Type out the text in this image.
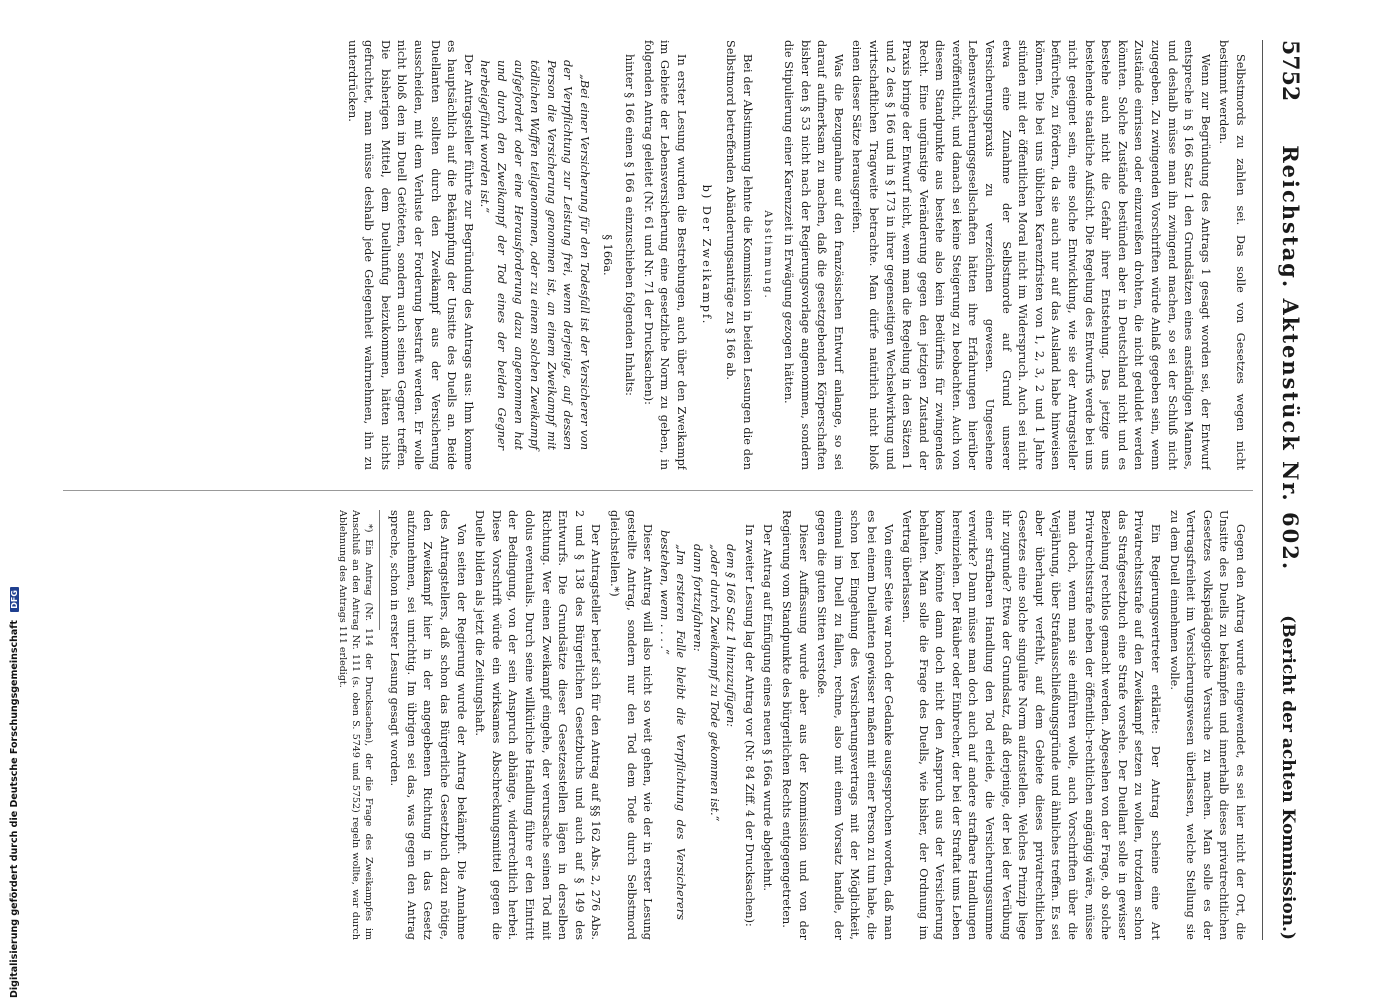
5752
Reichstag. Aktenstück Nr. 602.
(Bericht der achten Kommission.)

Selbstmords zu zahlen sei. Das solle von Gesetzes wegen nicht bestimmt werden.

Wenn zur Begründung des Antrags 1 gesagt worden sei, der Entwurf entspreche in § 166 Satz 1 den Grundsätzen eines anständigen Mannes, und deshalb müsse man ihn zwingend machen, so sei der Schluß nicht zugegeben. Zu zwingenden Vorschriften würde Anlaß gegeben sein, wenn Zustände einrissen oder einzureißen drohten, die nicht geduldet werden könnten. Solche Zustände bestünden aber in Deutschland nicht und es bestehe auch nicht die Gefahr ihrer Entstehung. Das jetzige uns bestehende staatliche Aufsicht. Die Regelung des Entwurfs werde bei uns nicht geeignet sein, eine solche Entwicklung, wie sie der Antragsteller befürchte, zu fördern, da sie auch nur auf das Ausland habe hinweisen können. Die bei uns üblichen Karenzfristen von 1, 2, 3, 2 und 1 Jahre stünden mit der öffentlichen Moral nicht im Widerspruch. Auch sei nicht etwa eine Zunahme der Selbstmorde auf Grund unserer Versicherungspraxis zu verzeichnen gewesen. Ungesehene Lebensversicherungsgesellschaften hätten ihre Erfahrungen hierüber veröffentlicht, und danach sei keine Steigerung zu beobachten. Auch von diesem Standpunkte aus bestehe also kein Bedürfnis für zwingendes Recht. Eine ungünstige Veränderung gegen den jetzigen Zustand der Praxis bringe der Entwurf nicht, wenn man die Regelung in den Sätzen 1 und 2 des § 166 und in § 173 in ihrer gegenseitigen Wechselwirkung und wirtschaftlichen Tragweite betrachte. Man dürfe natürlich nicht bloß einen dieser Sätze herausgreifen.

Was die Bezugnahme auf den französischen Entwurf anlange, so sei darauf aufmerksam zu machen, daß die gesetzgebenden Körperschaften bisher den § 53 nicht nach der Regierungsvorlage angenommen, sondern die Stipulierung einer Karenzzeit in Erwägung gezogen hätten.

Abstimmung.

Bei der Abstimmung lehnte die Kommission in beiden Lesungen die den Selbstmord betreffenden Abänderungsanträge zu § 166 ab.

b) Der Zweikampf.

In erster Lesung wurden die Bestrebungen, auch über den Zweikampf im Gebiete der Lebensversicherung eine gesetzliche Norm zu geben, in folgenden Antrag geleitet (Nr. 61 und Nr. 71 der Drucksachen):

hinter § 166 einen § 166 a einzuschieben folgenden Inhalts:

§ 166a.

„Bei einer Versicherung für den Todesfall ist der Versicherer von der Verpflichtung zur Leistung frei, wenn derjenige, auf dessen Person die Versicherung genommen ist, an einem Zweikampf mit tödlichen Waffen teilgenommen, oder zu einem solchen Zweikampf aufgefordert oder eine Herausforderung dazu angenommen hat und durch den Zweikampf der Tod eines der beiden Gegner herbeigeführt worden ist.“

Der Antragsteller führte zur Begründung des Antrags aus: Ihm komme es hauptsächlich auf die Bekämpfung der Unsitte des Duells an. Beide Duellanten sollten durch den Zweikampf aus der Versicherung ausscheiden, mit dem Verluste der Forderung bestraft werden. Er wolle nicht bloß den im Duell Getöteten, sondern auch seinen Gegner treffen. Die bisherigen Mittel, dem Duellunfug beizukommen, hätten nichts gefruchtet, man müsse deshalb jede Gelegenheit wahrnehmen, ihn zu unterdrücken.

Gegen den Antrag wurde eingewendet, es sei hier nicht der Ort, die Unsitte des Duells zu bekämpfen und innerhalb dieses privatrechtlichen Gesetzes volkspädagogische Versuche zu machen. Man solle es der Vertragsfreiheit im Versicherungswesen überlassen, welche Stellung sie zu dem Duell einnehmen wolle.

Ein Regierungsvertreter erklärte: Der Antrag scheine eine Art Privatrechtsstrafe auf den Zweikampf setzen zu wollen, trotzdem schon das Strafgesetzbuch eine Strafe vorsehe. Der Duellant solle in gewisser Beziehung rechtlos gemacht werden. Abgesehen von der Frage, ob solche Privatrechtsstrafe neben der öffentlich-rechtlichen angängig wäre, müsse man doch, wenn man sie einführen wolle, auch Vorschriften über die Verjährung, über Strafausschließungsgründe und ähnliches treffen. Es sei aber überhaupt verfehlt, auf dem Gebiete dieses privatrechtlichen Gesetzes eine solche singuläre Norm aufzustellen. Welches Prinzip liege ihr zugrunde? Etwa der Grundsatz, daß derjenige, der bei der Verübung einer strafbaren Handlung den Tod erleide, die Versicherungssumme verwirke? Dann müsse man doch auch auf andere strafbare Handlungen hereinziehen. Der Räuber oder Einbrecher, der bei der Straftat ums Leben komme, könnte dann doch nicht den Anspruch aus der Versicherung behalten. Man solle die Frage des Duells, wie bisher, der Ordnung im Vertrag überlassen.

Von einer Seite war noch der Gedanke ausgesprochen worden, daß man es bei einem Duellanten gewisser maßen mit einer Person zu tun habe, die schon bei Eingehung des Versicherungsvertrags mit der Möglichkeit, einmal im Duell zu fallen, rechne, also mit einem Vorsatz handle, der gegen die guten Sitten verstoße.

Dieser Auffassung wurde aber aus der Kommission und von der Regierung vom Standpunkte des bürgerlichen Rechts entgegengetreten.

Der Antrag auf Einfügung eines neuen § 166a wurde abgelehnt.

In zweiter Lesung lag der Antrag vor (Nr. 84 Ziff. 4 der Drucksachen):

dem § 166 Satz 1 hinzuzufügen:

„oder durch Zweikampf zu Tode gekommen ist.“

dann fortzufahren:

„Im ersteren Falle bleibt die Verpflichtung des Versicherers bestehen, wenn . . . .“

Dieser Antrag will also nicht so weit gehen, wie der in erster Lesung gestellte Antrag, sondern nur den Tod dem Tode durch Selbstmord gleichstellen.*)

Der Antragsteller berief sich für den Antrag auf §§ 162 Abs. 2, 276 Abs. 2 und § 138 des Bürgerlichen Gesetzbuchs und auch auf § 149 des Entwurfs. Die Grundsätze dieser Gesetzesstellen lägen in derselben Richtung. Wer einen Zweikampf eingehe, der verursache seinen Tod mit dolus eventualis. Durch seine willkürliche Handlung führe er den Eintritt der Bedingung, von der sein Anspruch abhänge, widerrechtlich herbei. Diese Vorschrift würde ein wirksames Abschreckungsmittel gegen die Duelle bilden als jetzt die Zeitungshaft.

Von seiten der Regierung wurde der Antrag bekämpft. Die Annahme des Antragstellers, daß schon das Bürgerliche Gesetzbuch dazu nötige, den Zweikampf hier in der angegebenen Richtung in das Gesetz aufzunehmen, sei unrichtig. Im übrigen sei das, was gegen den Antrag spreche, schon in erster Lesung gesagt worden.

*) Ein Antrag (Nr. 114 der Drucksachen), der die Frage des Zweikampfes im Anschluß an den Antrag Nr. 111 (s. oben S. 5749 und 5752) regeln wollte, war durch Ablehnung des Antrags 111 erledigt.

Digitalisierung gefördert durch die Deutsche Forschungsgemeinschaft DFG
